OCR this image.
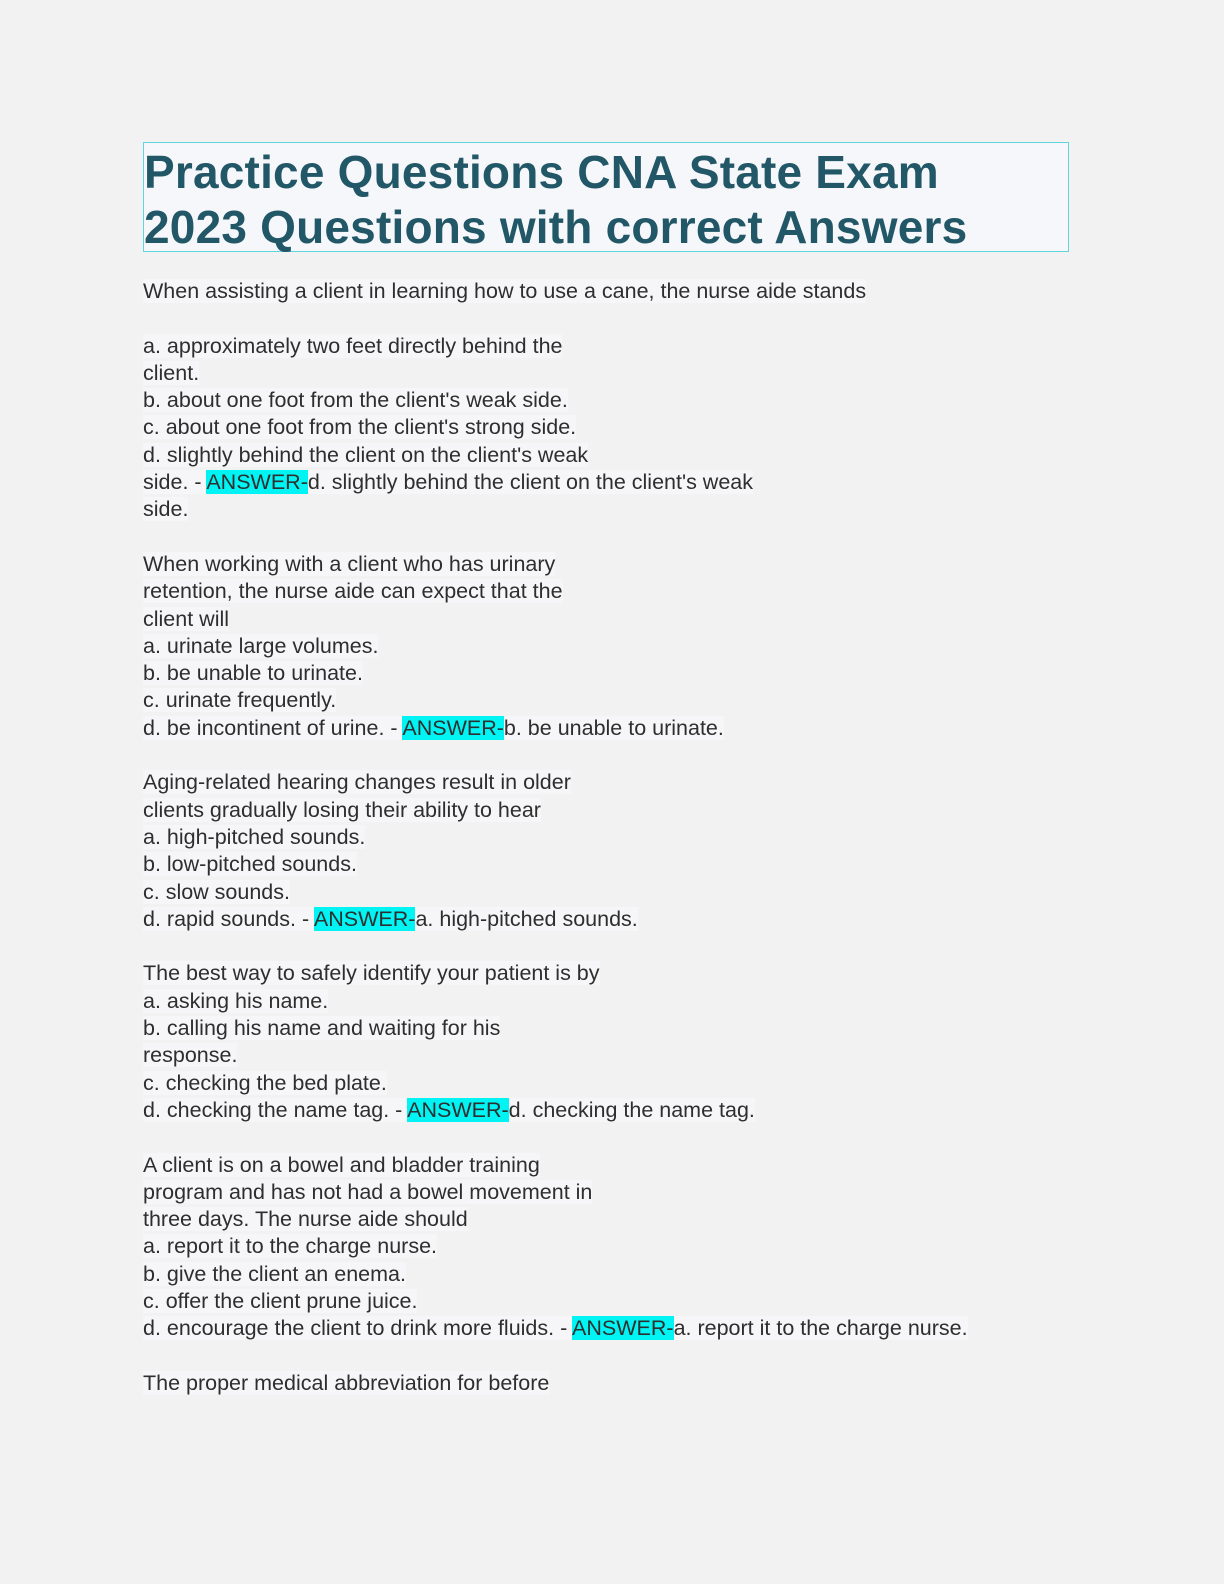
Practice Questions CNA State Exam
2023 Questions with correct Answers
When assisting a client in learning how to use a cane, the nurse aide stands
a. approximately two feet directly behind the
client.
b. about one foot from the client's weak side.
c. about one foot from the client's strong side.
d. slightly behind the client on the client's weak
side. - ANSWER-d. slightly behind the client on the client's weak
side.
When working with a client who has urinary
retention, the nurse aide can expect that the
client will
a. urinate large volumes.
b. be unable to urinate.
c. urinate frequently.
d. be incontinent of urine. - ANSWER-b. be unable to urinate.
Aging-related hearing changes result in older
clients gradually losing their ability to hear
a. high-pitched sounds.
b. low-pitched sounds.
c. slow sounds.
d. rapid sounds. - ANSWER-a. high-pitched sounds.
The best way to safely identify your patient is by
a. asking his name.
b. calling his name and waiting for his
response.
c. checking the bed plate.
d. checking the name tag. - ANSWER-d. checking the name tag.
A client is on a bowel and bladder training
program and has not had a bowel movement in
three days. The nurse aide should
a. report it to the charge nurse.
b. give the client an enema.
c. offer the client prune juice.
d. encourage the client to drink more fluids. - ANSWER-a. report it to the charge nurse.
The proper medical abbreviation for before
